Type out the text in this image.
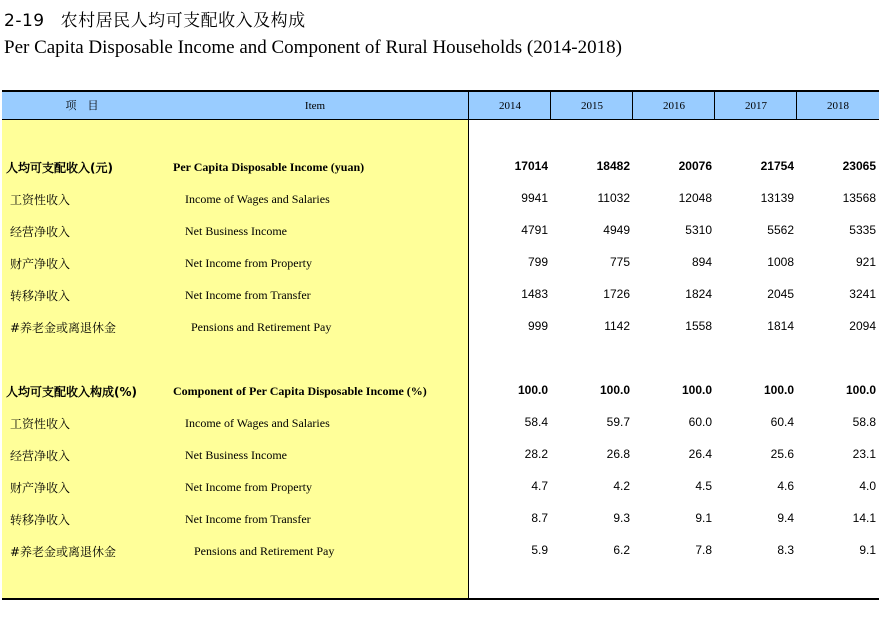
2-19 农村居民人均可支配收入及构成
Per Capita Disposable Income and Component of Rural Households (2014-2018)
项　目	Item	2014	2015	2016	2017	2018
人均可支配收入(元)	Per Capita Disposable Income (yuan)	17014	18482	20076	21754	23065
工资性收入	Income of Wages and Salaries	9941	11032	12048	13139	13568
经营净收入	Net Business Income	4791	4949	5310	5562	5335
财产净收入	Net Income from Property	799	775	894	1008	921
转移净收入	Net Income from Transfer	1483	1726	1824	2045	3241
#养老金或离退休金	Pensions and Retirement Pay	999	1142	1558	1814	2094
人均可支配收入构成(%)	Component of Per Capita Disposable Income (%)	100.0	100.0	100.0	100.0	100.0
工资性收入	Income of Wages and Salaries	58.4	59.7	60.0	60.4	58.8
经营净收入	Net Business Income	28.2	26.8	26.4	25.6	23.1
财产净收入	Net Income from Property	4.7	4.2	4.5	4.6	4.0
转移净收入	Net Income from Transfer	8.7	9.3	9.1	9.4	14.1
#养老金或离退休金	Pensions and Retirement Pay	5.9	6.2	7.8	8.3	9.1
